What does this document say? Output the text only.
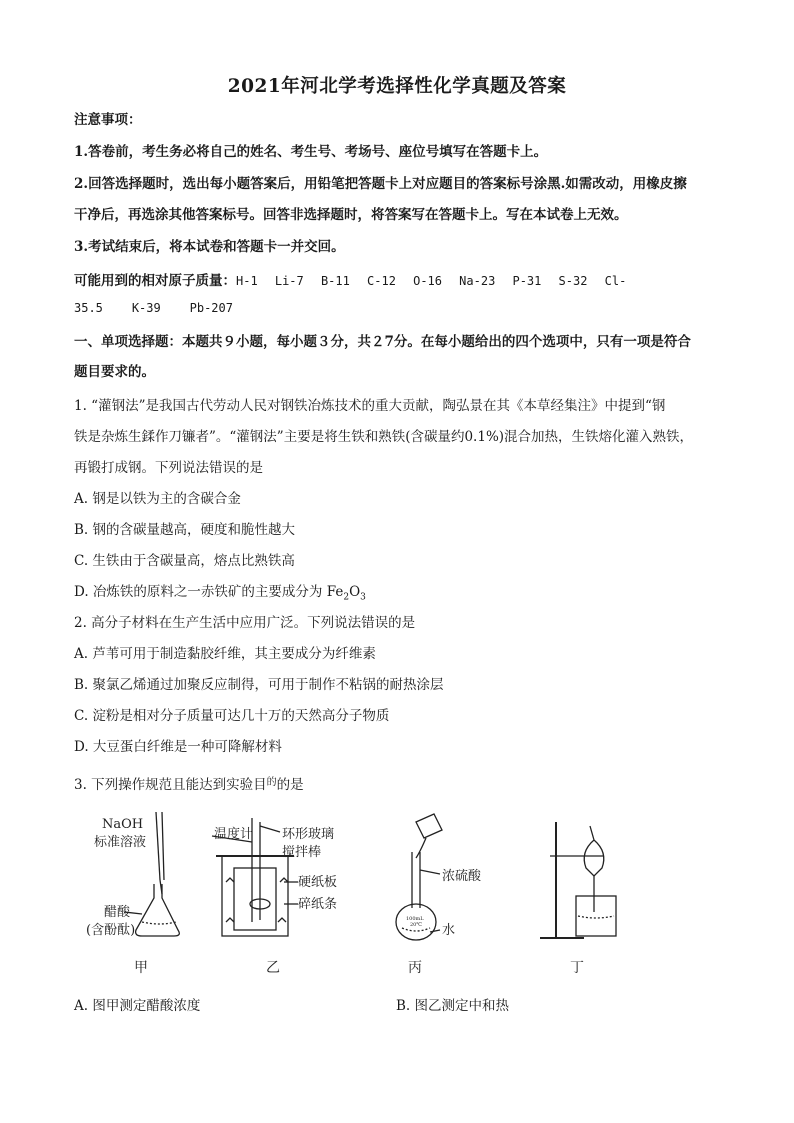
2021年河北学考选择性化学真题及答案
注意事项：
1.答卷前，考生务必将自己的姓名、考生号、考场号、座位号填写在答题卡上。
2.回答选择题时，选出每小题答案后，用铅笔把答题卡上对应题目的答案标号涂黑.如需改动，用橡皮擦
干净后，再选涂其他答案标号。回答非选择题时，将答案写在答题卡上。写在本试卷上无效。
3.考试结束后，将本试卷和答题卡一并交回。
可能用到的相对原子质量：H-1 Li-7 B-11 C-12 O-16 Na-23 P-31 S-32 Cl-
35.5 K-39 Pb-207
一、单项选择题：本题共９小题，每小题３分，共２7分。在每小题给出的四个选项中，只有一项是符合
题目要求的。
1. “灌钢法”是我国古代劳动人民对钢铁冶炼技术的重大贡献，陶弘景在其《本草经集注》中提到“钢
铁是杂炼生鍒作刀镰者”。“灌钢法”主要是将生铁和熟铁(含碳量约0.1%)混合加热，生铁熔化灌入熟铁，
再锻打成钢。下列说法错误的是
A. 钢是以铁为主的含碳合金
B. 钢的含碳量越高，硬度和脆性越大
C. 生铁由于含碳量高，熔点比熟铁高
D. 冶炼铁的原料之一赤铁矿的主要成分为 $Fe_2O_3$
2. 高分子材料在生产生活中应用广泛。下列说法错误的是
A. 芦苇可用于制造黏胶纤维，其主要成分为纤维素
B. 聚氯乙烯通过加聚反应制得，可用于制作不粘锅的耐热涂层
C. 淀粉是相对分子质量可达几十万的天然高分子物质
D. 大豆蛋白纤维是一种可降解材料
3. 下列操作规范且能达到实验目$^的$的是
NaOH
标准溶液
醋酸
(含酚酞)
温度计 环形玻璃
搅拌棒
硬纸板
碎纸条
浓硫酸
水
100mL
20℃
甲	乙	丙	丁
A. 图甲测定醋酸浓度	B. 图乙测定中和热
